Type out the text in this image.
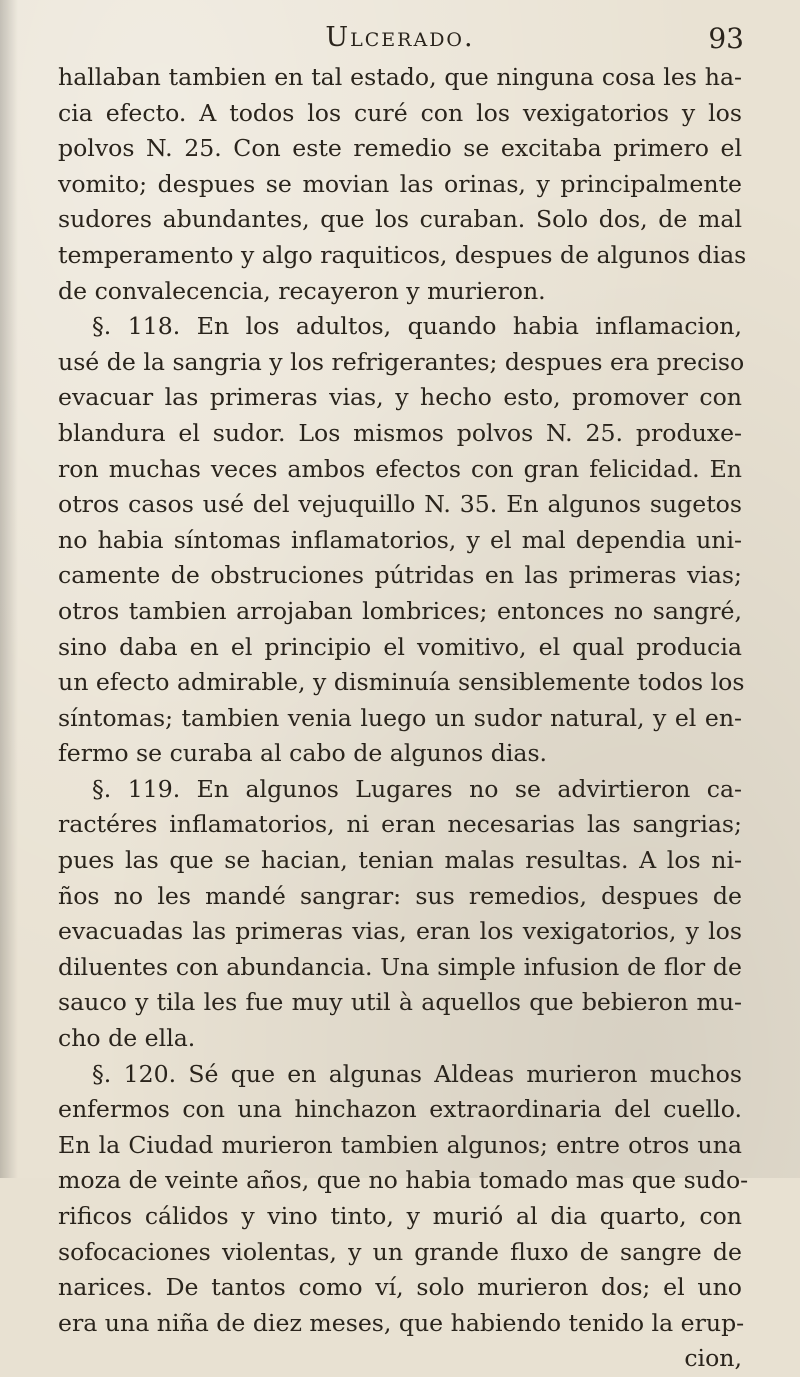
Ulcerado.	93
hallaban tambien en tal estado, que ninguna cosa les ha-
cia efecto. A todos los curé con los vexigatorios y los
polvos N. 25. Con este remedio se excitaba primero el
vomito; despues se movian las orinas, y principalmente
sudores abundantes, que los curaban. Solo dos, de mal
temperamento y algo raquiticos, despues de algunos dias
de convalecencia, recayeron y murieron.
§. 118. En los adultos, quando habia inflamacion,
usé de la sangria y los refrigerantes; despues era preciso
evacuar las primeras vias, y hecho esto, promover con
blandura el sudor. Los mismos polvos N. 25. produxe-
ron muchas veces ambos efectos con gran felicidad. En
otros casos usé del vejuquillo N. 35. En algunos sugetos
no habia síntomas inflamatorios, y el mal dependia uni-
camente de obstruciones pútridas en las primeras vias;
otros tambien arrojaban lombrices; entonces no sangré,
sino daba en el principio el vomitivo, el qual producia
un efecto admirable, y disminuía sensiblemente todos los
síntomas; tambien venia luego un sudor natural, y el en-
fermo se curaba al cabo de algunos dias.
§. 119. En algunos Lugares no se advirtieron ca-
ractéres inflamatorios, ni eran necesarias las sangrias;
pues las que se hacian, tenian malas resultas. A los ni-
ños no les mandé sangrar: sus remedios, despues de
evacuadas las primeras vias, eran los vexigatorios, y los
diluentes con abundancia. Una simple infusion de flor de
sauco y tila les fue muy util à aquellos que bebieron mu-
cho de ella.
§. 120. Sé que en algunas Aldeas murieron muchos
enfermos con una hinchazon extraordinaria del cuello.
En la Ciudad murieron tambien algunos; entre otros una
moza de veinte años, que no habia tomado mas que sudo-
rificos cálidos y vino tinto, y murió al dia quarto, con
sofocaciones violentas, y un grande fluxo de sangre de
narices. De tantos como ví, solo murieron dos; el uno
era una niña de diez meses, que habiendo tenido la erup-
cion,
